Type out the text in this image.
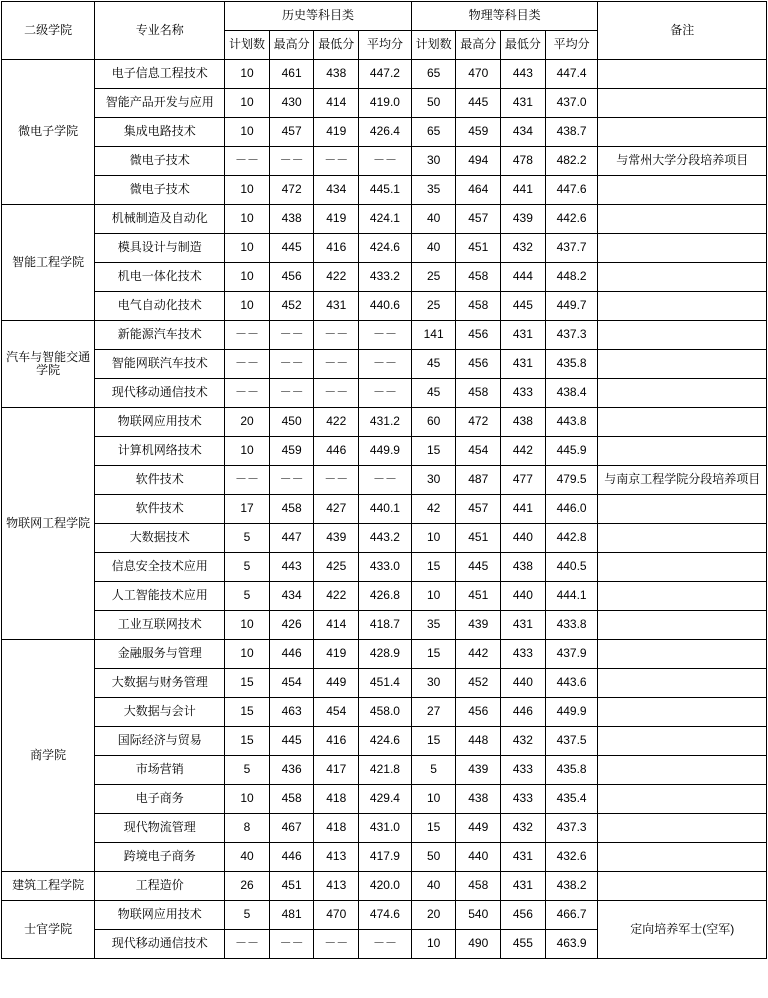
二级学院	专业名称	历史等科目类				物理等科目类				备注
		计划数	最高分	最低分	平均分	计划数	最高分	最低分	平均分	
微电子学院	电子信息工程技术	10	461	438	447.2	65	470	443	447.4	
	智能产品开发与应用	10	430	414	419.0	50	445	431	437.0	
	集成电路技术	10	457	419	426.4	65	459	434	438.7	
	微电子技术	－－	－－	－－	－－	30	494	478	482.2	与常州大学分段培养项目
	微电子技术	10	472	434	445.1	35	464	441	447.6	
智能工程学院	机械制造及自动化	10	438	419	424.1	40	457	439	442.6	
	模具设计与制造	10	445	416	424.6	40	451	432	437.7	
	机电一体化技术	10	456	422	433.2	25	458	444	448.2	
	电气自动化技术	10	452	431	440.6	25	458	445	449.7	
汽车与智能交通学院	新能源汽车技术	－－	－－	－－	－－	141	456	431	437.3	
	智能网联汽车技术	－－	－－	－－	－－	45	456	431	435.8	
	现代移动通信技术	－－	－－	－－	－－	45	458	433	438.4	
物联网工程学院	物联网应用技术	20	450	422	431.2	60	472	438	443.8	
	计算机网络技术	10	459	446	449.9	15	454	442	445.9	
	软件技术	－－	－－	－－	－－	30	487	477	479.5	与南京工程学院分段培养项目
	软件技术	17	458	427	440.1	42	457	441	446.0	
	大数据技术	5	447	439	443.2	10	451	440	442.8	
	信息安全技术应用	5	443	425	433.0	15	445	438	440.5	
	人工智能技术应用	5	434	422	426.8	10	451	440	444.1	
	工业互联网技术	10	426	414	418.7	35	439	431	433.8	
商学院	金融服务与管理	10	446	419	428.9	15	442	433	437.9	
	大数据与财务管理	15	454	449	451.4	30	452	440	443.6	
	大数据与会计	15	463	454	458.0	27	456	446	449.9	
	国际经济与贸易	15	445	416	424.6	15	448	432	437.5	
	市场营销	5	436	417	421.8	5	439	433	435.8	
	电子商务	10	458	418	429.4	10	438	433	435.4	
	现代物流管理	8	467	418	431.0	15	449	432	437.3	
	跨境电子商务	40	446	413	417.9	50	440	431	432.6	
建筑工程学院	工程造价	26	451	413	420.0	40	458	431	438.2	
士官学院	物联网应用技术	5	481	470	474.6	20	540	456	466.7	定向培养军士(空军)
	现代移动通信技术	－－	－－	－－	－－	10	490	455	463.9	
